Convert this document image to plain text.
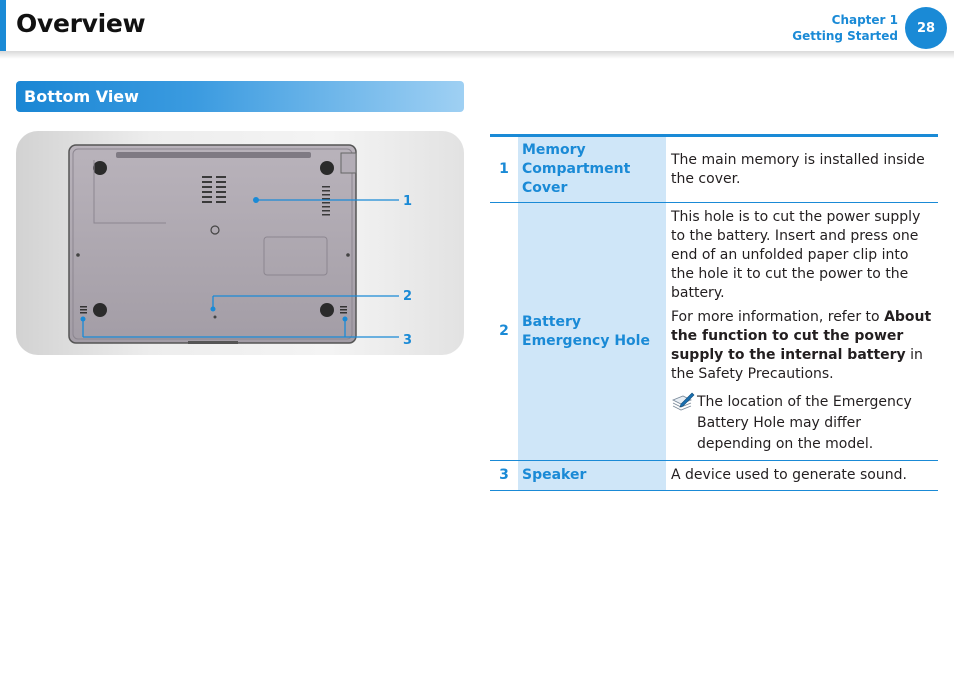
Overview	Chapter 1
Getting Started
28
Bottom View
1
2
3
1	Memory Compartment Cover	The main memory is installed inside the cover.
2	Battery Emergency Hole	This hole is to cut the power supply to the battery. Insert and press one end of an unfolded paper clip into the hole it to cut the power to the battery.

For more information, refer to About the function to cut the power supply to the internal battery in the Safety Precautions.

The location of the Emergency Battery Hole may differ depending on the model.

3	Speaker	A device used to generate sound.
